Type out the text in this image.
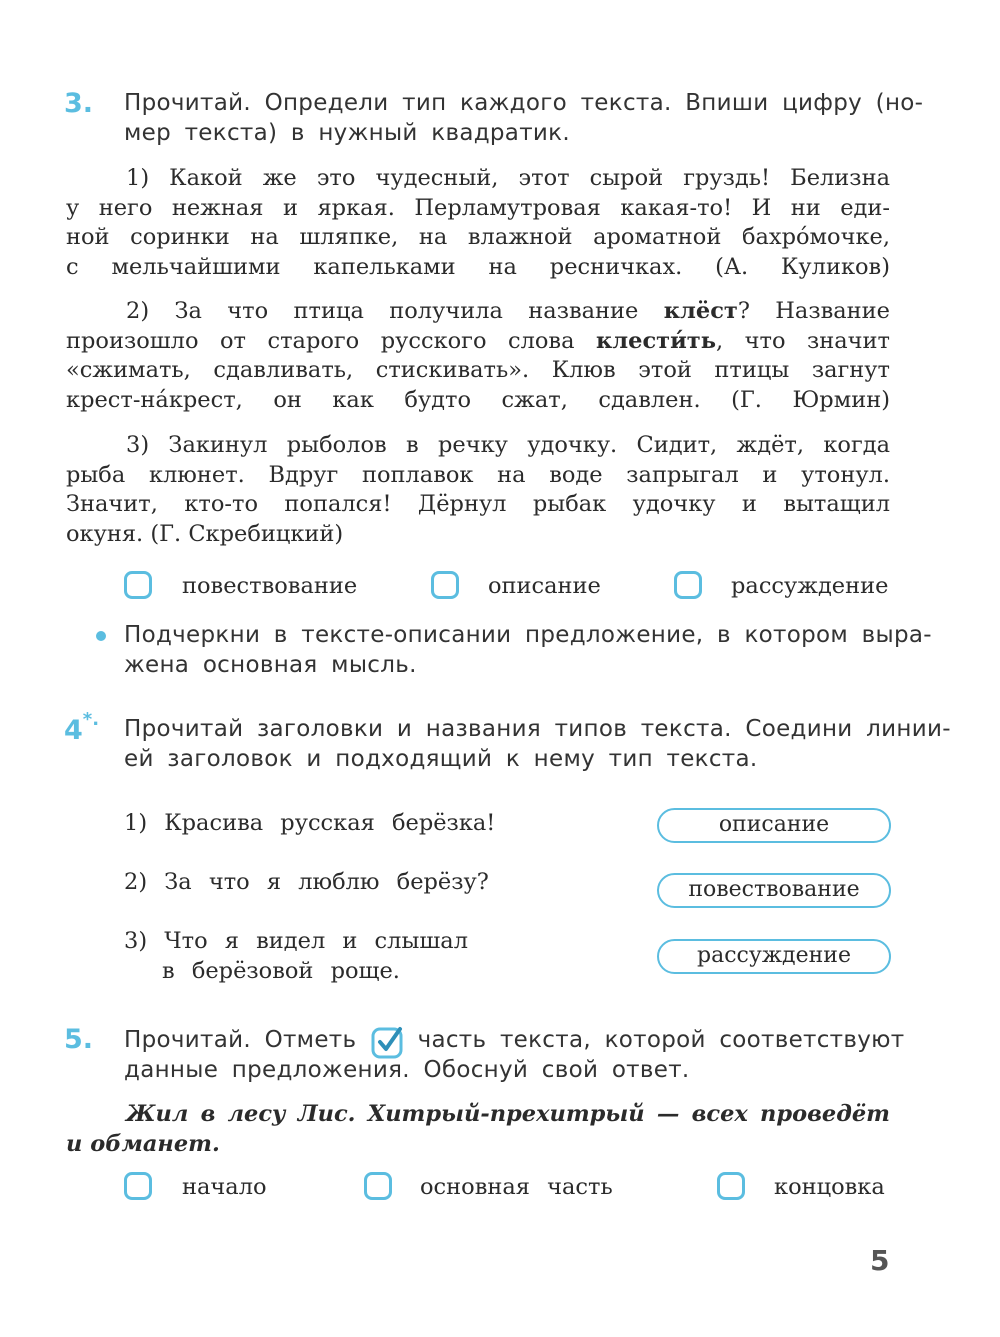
3. Прочитай. Определи тип каждого текста. Впиши цифру (но-
мер текста) в нужный квадратик.
1) Какой же это чудесный, этот сырой груздь! Белизна
у него нежная и яркая. Перламутровая какая-то! И ни еди-
ной соринки на шляпке, на влажной ароматной бахро́мочке,
с мельчайшими капельками на ресничках. (А. Куликов)
2) За что птица получила название клёст? Название
произошло от старого русского слова клести́ть, что значит
«сжимать, сдавливать, стискивать». Клюв этой птицы загнут
крест-на́крест, он как будто сжат, сдавлен. (Г. Юрмин)
3) Закинул рыболов в речку удочку. Сидит, ждёт, когда
рыба клюнет. Вдруг поплавок на воде запрыгал и утонул.
Значит, кто-то попался! Дёрнул рыбак удочку и вытащил
окуня. (Г. Скребицкий)
повествование	описание	рассуждение
Подчеркни в тексте-описании предложение, в котором выра-
жена основная мысль.
4*. Прочитай заголовки и названия типов текста. Соедини линии-
ей заголовок и подходящий к нему тип текста.
1) Красива русская берёзка!
2) За что я люблю берёзу?
3) Что я видел и слышал
в берёзовой роще.
описание
повествование
рассуждение
5. Прочитай. Отметь	часть текста, которой соответствуют
данные предложения. Обоснуй свой ответ.
Жил в лесу Лис. Хитрый-прехитрый — всех проведёт
и обманет.
начало	основная часть	концовка
5
